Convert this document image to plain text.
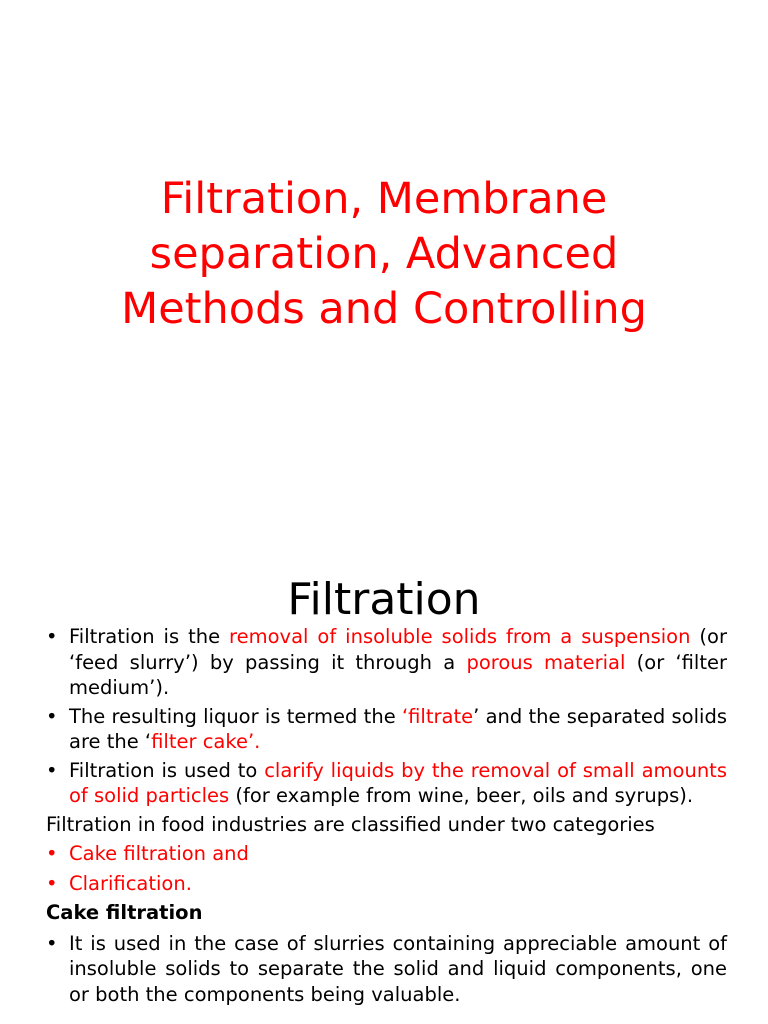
Filtration, Membrane
separation, Advanced
Methods and Controlling
Filtration
• Filtration is the removal of insoluble solids from a suspension (or ‘feed slurry’) by passing it through a porous material (or ‘filter medium’).
• The resulting liquor is termed the ‘filtrate’ and the separated solids are the ‘filter cake’.
• Filtration is used to clarify liquids by the removal of small amounts of solid particles (for example from wine, beer, oils and syrups).
Filtration in food industries are classified under two categories
• Cake filtration and
• Clarification.
Cake filtration
• It is used in the case of slurries containing appreciable amount of insoluble solids to separate the solid and liquid components, one or both the components being valuable.
